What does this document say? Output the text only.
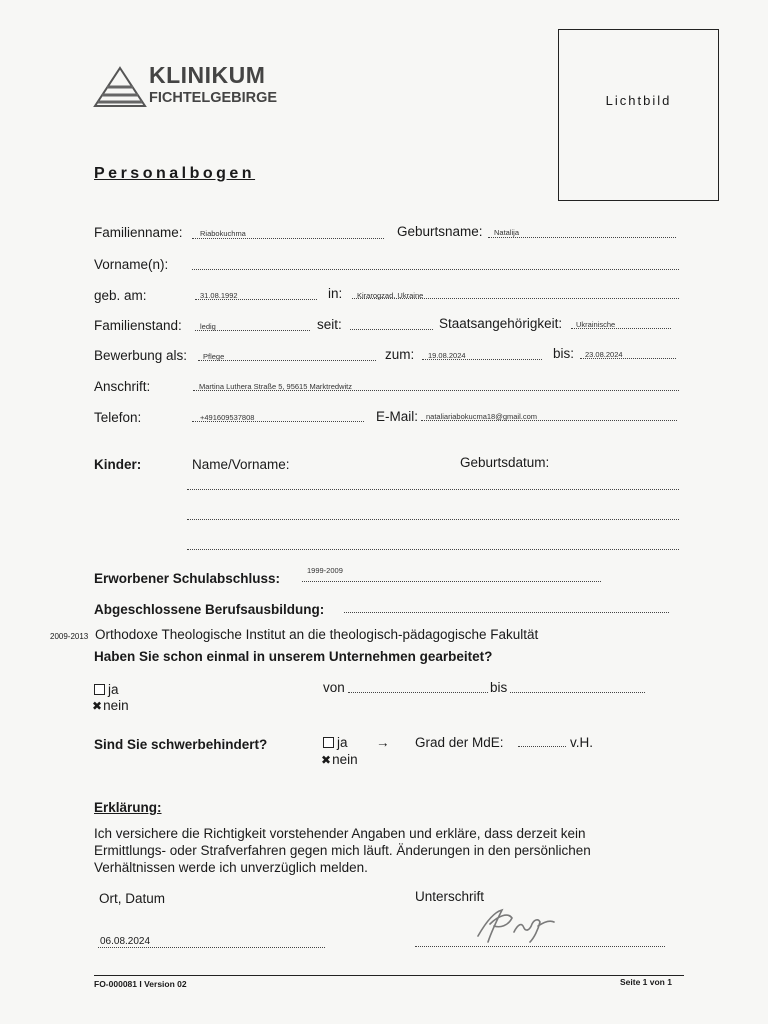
KLINIKUM
FICHTELGEBIRGE	Lichtbild
Personalbogen
Familienname: Riabokuchma	Geburtsname: Natalija
Vorname(n):
geb. am:	31.08.1992	in: Kirarogzad, Ukraine
Familienstand: ledig	seit:	Staatsangehörigkeit: Ukrainische
Bewerbung als: Pflege	zum: 19.08.2024	bis: 23.08.2024
Anschrift:	Martina Luthera Straße 5, 95615 Marktredwitz
Telefon:	+491609537808	E-Mail: nataliariabokucma18@gmail.com
Kinder:	Name/Vorname:	Geburtsdatum:
Erworbener Schulabschluss:
1999-2009
Abgeschlossene Berufsausbildung:
2009-2013 Orthodoxe Theologische Institut an die theologisch-pädagogische Fakultät
Haben Sie schon einmal in unserem Unternehmen gearbeitet?
ja
✖nein
von	bis
Sind Sie schwerbehindert?	ja
✖nein
→ Grad der MdE:	v.H.
Erklärung:
Ich versichere die Richtigkeit vorstehender Angaben und erkläre, dass derzeit kein
Ermittlungs- oder Strafverfahren gegen mich läuft. Änderungen in den persönlichen
Verhältnissen werde ich unverzüglich melden.
Ort, Datum	Unterschrift
06.08.2024
FO-000081 I Version 02	Seite 1 von 1
